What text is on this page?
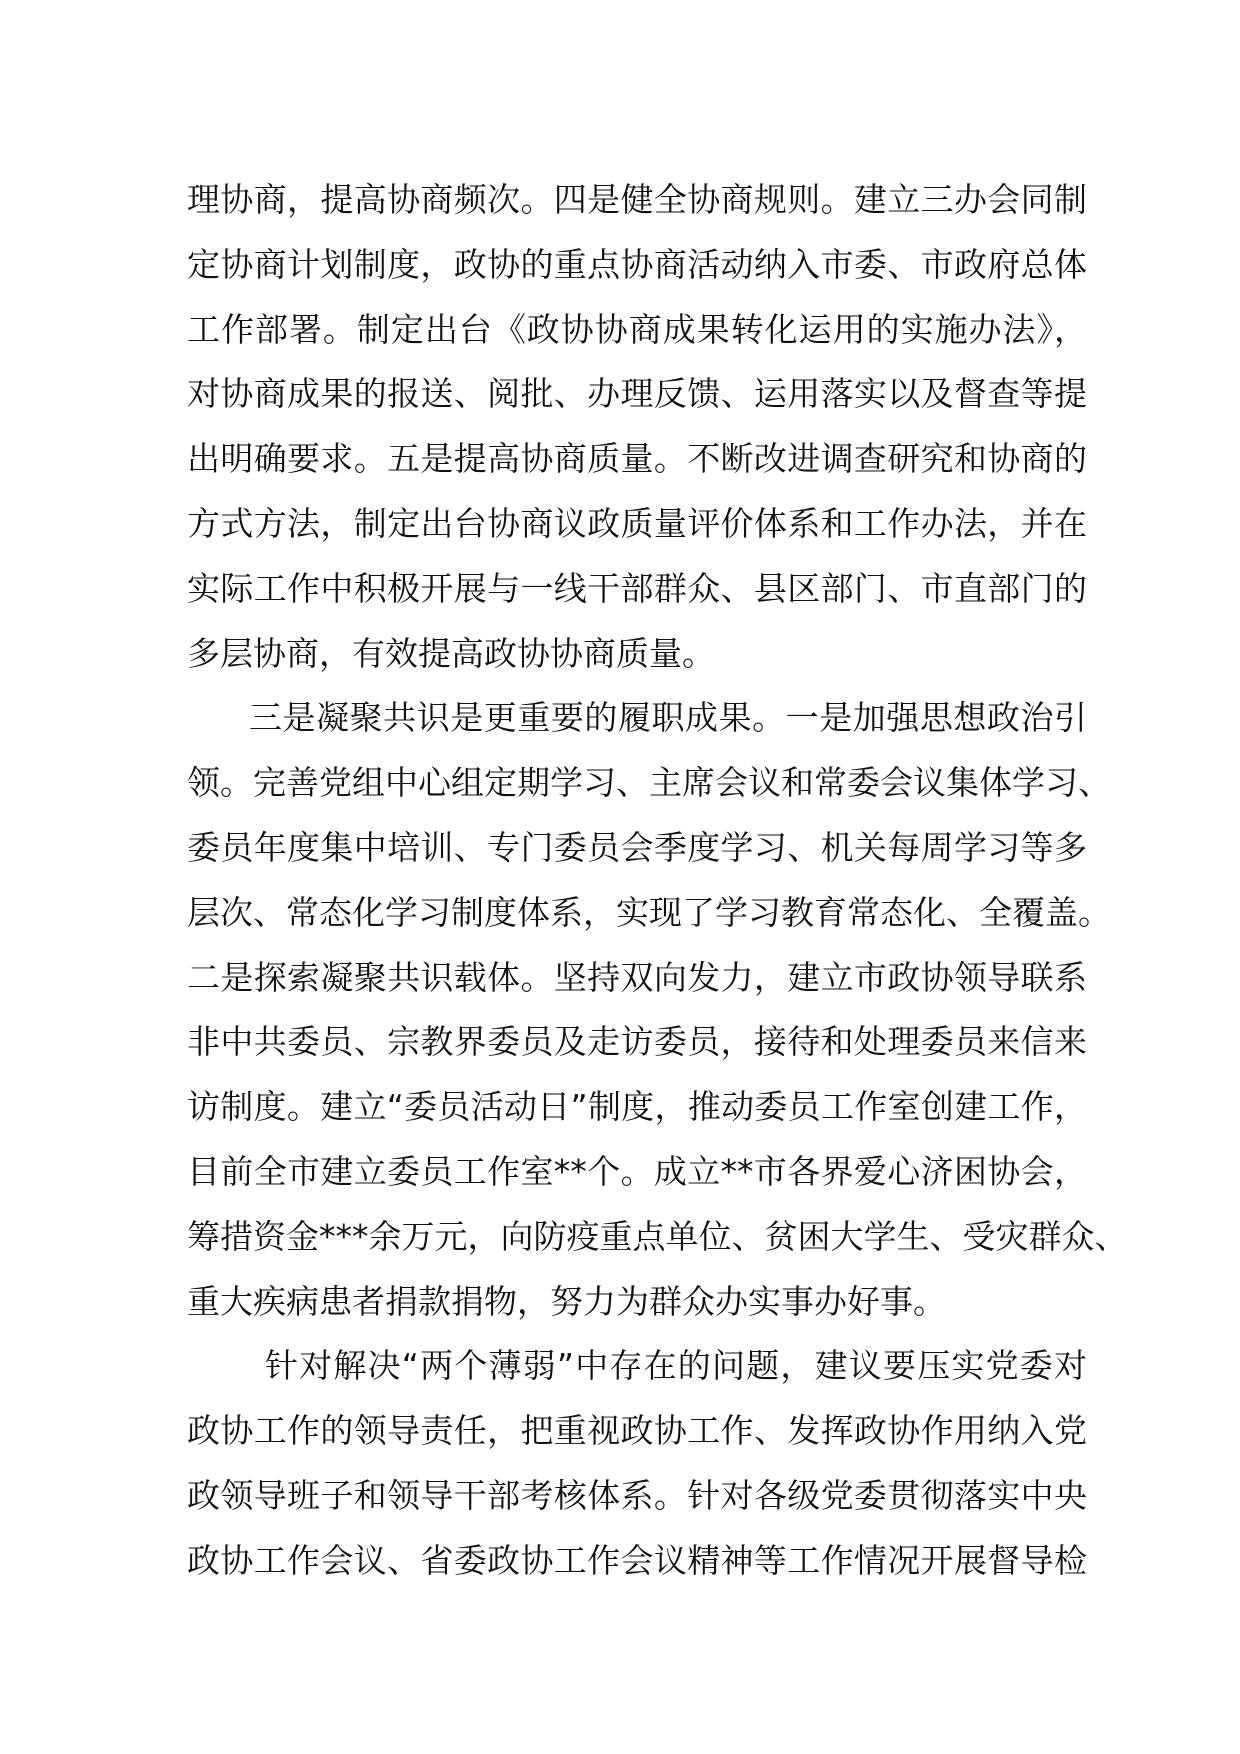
理协商，提高协商频次。四是健全协商规则。建立三办会同制
定协商计划制度，政协的重点协商活动纳入市委、市政府总体
工作部署。制定出台《政协协商成果转化运用的实施办法》，
对协商成果的报送、阅批、办理反馈、运用落实以及督查等提
出明确要求。五是提高协商质量。不断改进调查研究和协商的
方式方法，制定出台协商议政质量评价体系和工作办法，并在
实际工作中积极开展与一线干部群众、县区部门、市直部门的
多层协商，有效提高政协协商质量。
三是凝聚共识是更重要的履职成果。一是加强思想政治引
领。完善党组中心组定期学习、主席会议和常委会议集体学习、
委员年度集中培训、专门委员会季度学习、机关每周学习等多
层次、常态化学习制度体系，实现了学习教育常态化、全覆盖。
二是探索凝聚共识载体。坚持双向发力，建立市政协领导联系
非中共委员、宗教界委员及走访委员，接待和处理委员来信来
访制度。建立“委员活动日”制度，推动委员工作室创建工作，
目前全市建立委员工作室**个。成立**市各界爱心济困协会，
筹措资金***余万元，向防疫重点单位、贫困大学生、受灾群众、
重大疾病患者捐款捐物，努力为群众办实事办好事。
针对解决“两个薄弱”中存在的问题，建议要压实党委对
政协工作的领导责任，把重视政协工作、发挥政协作用纳入党
政领导班子和领导干部考核体系。针对各级党委贯彻落实中央
政协工作会议、省委政协工作会议精神等工作情况开展督导检
